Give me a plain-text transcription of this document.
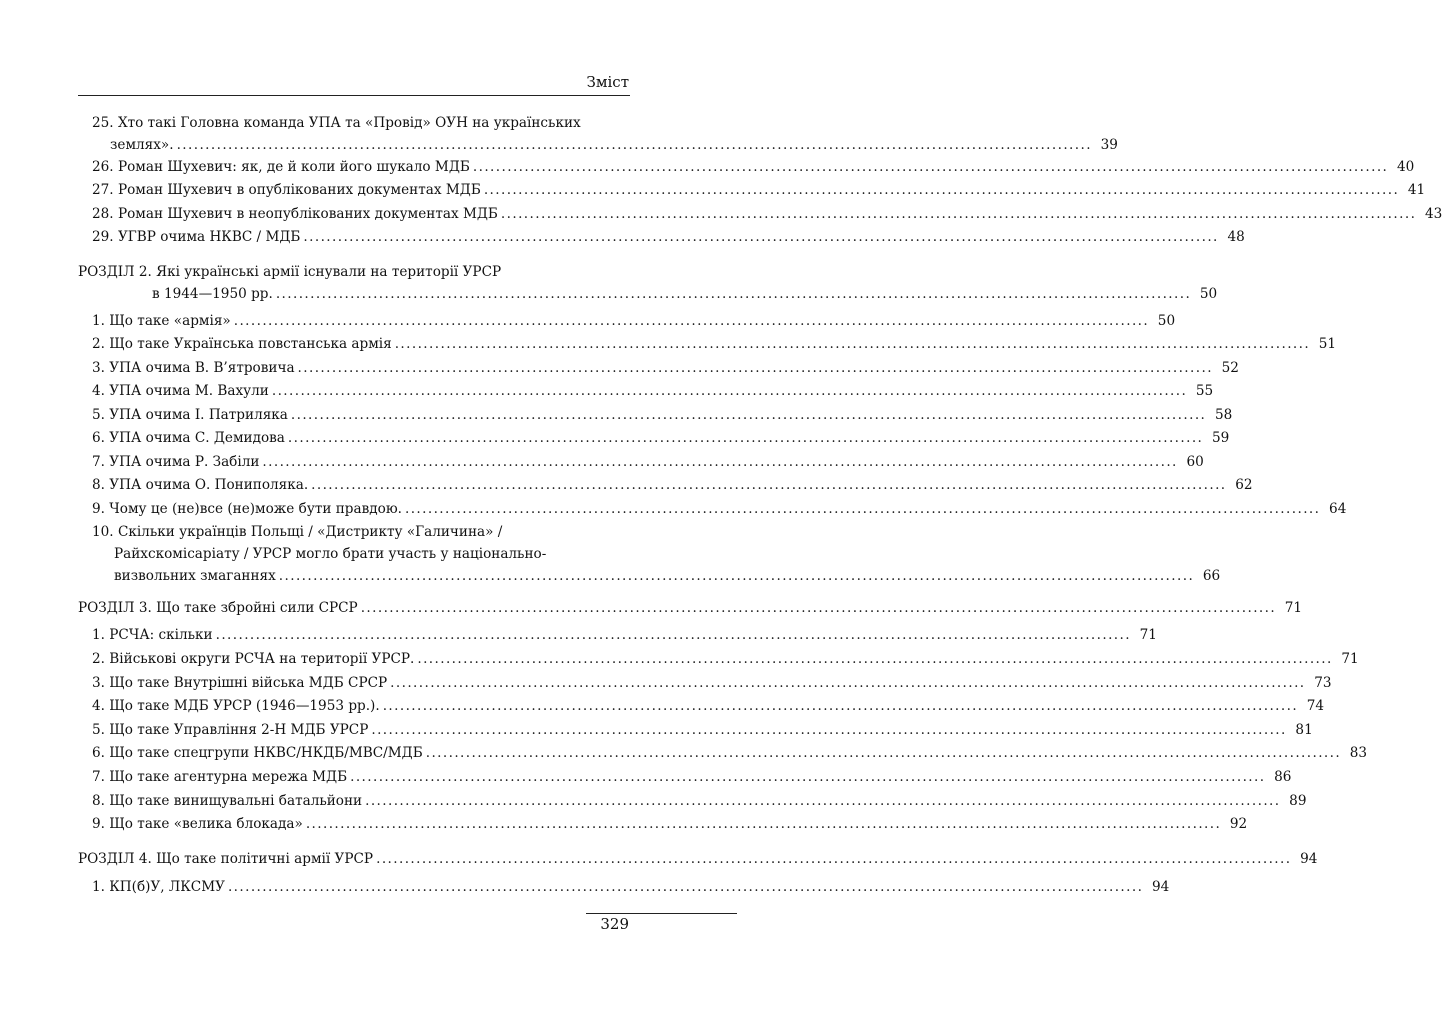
Зміст
25. Хто такі Головна команда УПА та «Провід» ОУН на українських
землях». ................................................................................................................................................................ 39
26. Роман Шухевич: як, де й коли його шукало МДБ ................................................................................................................................................................ 40
27. Роман Шухевич в опублікованих документах МДБ ................................................................................................................................................................ 41
28. Роман Шухевич в неопублікованих документах МДБ ................................................................................................................................................................ 43
29. УГВР очима НКВС / МДБ ................................................................................................................................................................ 48
РОЗДІЛ 2. Які українські армії існували на території УРСР
в 1944—1950 рр. ................................................................................................................................................................ 50
1. Що таке «армія» ................................................................................................................................................................ 50
2. Що таке Українська повстанська армія ................................................................................................................................................................ 51
3. УПА очима В. В’ятровича ................................................................................................................................................................ 52
4. УПА очима М. Вахули ................................................................................................................................................................ 55
5. УПА очима І. Патриляка ................................................................................................................................................................ 58
6. УПА очима С. Демидова ................................................................................................................................................................ 59
7. УПА очима Р. Забіли ................................................................................................................................................................ 60
8. УПА очима О. Пониполяка. ................................................................................................................................................................ 62
9. Чому це (не)все (не)може бути правдою. ................................................................................................................................................................ 64
10. Скільки українців Польщі / «Дистрикту «Галичина» /
Райхскомісаріату / УРСР могло брати участь у національно-
визвольних змаганнях ................................................................................................................................................................ 66
РОЗДІЛ 3. Що таке збройні сили СРСР ................................................................................................................................................................ 71
1. РСЧА: скільки ................................................................................................................................................................ 71
2. Військові округи РСЧА на території УРСР. ................................................................................................................................................................ 71
3. Що таке Внутрішні війська МДБ СРСР ................................................................................................................................................................ 73
4. Що таке МДБ УРСР (1946—1953 рр.). ................................................................................................................................................................ 74
5. Що таке Управління 2-Н МДБ УРСР ................................................................................................................................................................ 81
6. Що таке спецгрупи НКВС/НКДБ/МВС/МДБ ................................................................................................................................................................ 83
7. Що таке агентурна мережа МДБ ................................................................................................................................................................ 86
8. Що таке винищувальні батальйони ................................................................................................................................................................ 89
9. Що таке «велика блокада» ................................................................................................................................................................ 92
РОЗДІЛ 4. Що таке політичні армії УРСР ................................................................................................................................................................ 94
1. КП(б)У, ЛКСМУ ................................................................................................................................................................ 94
329
